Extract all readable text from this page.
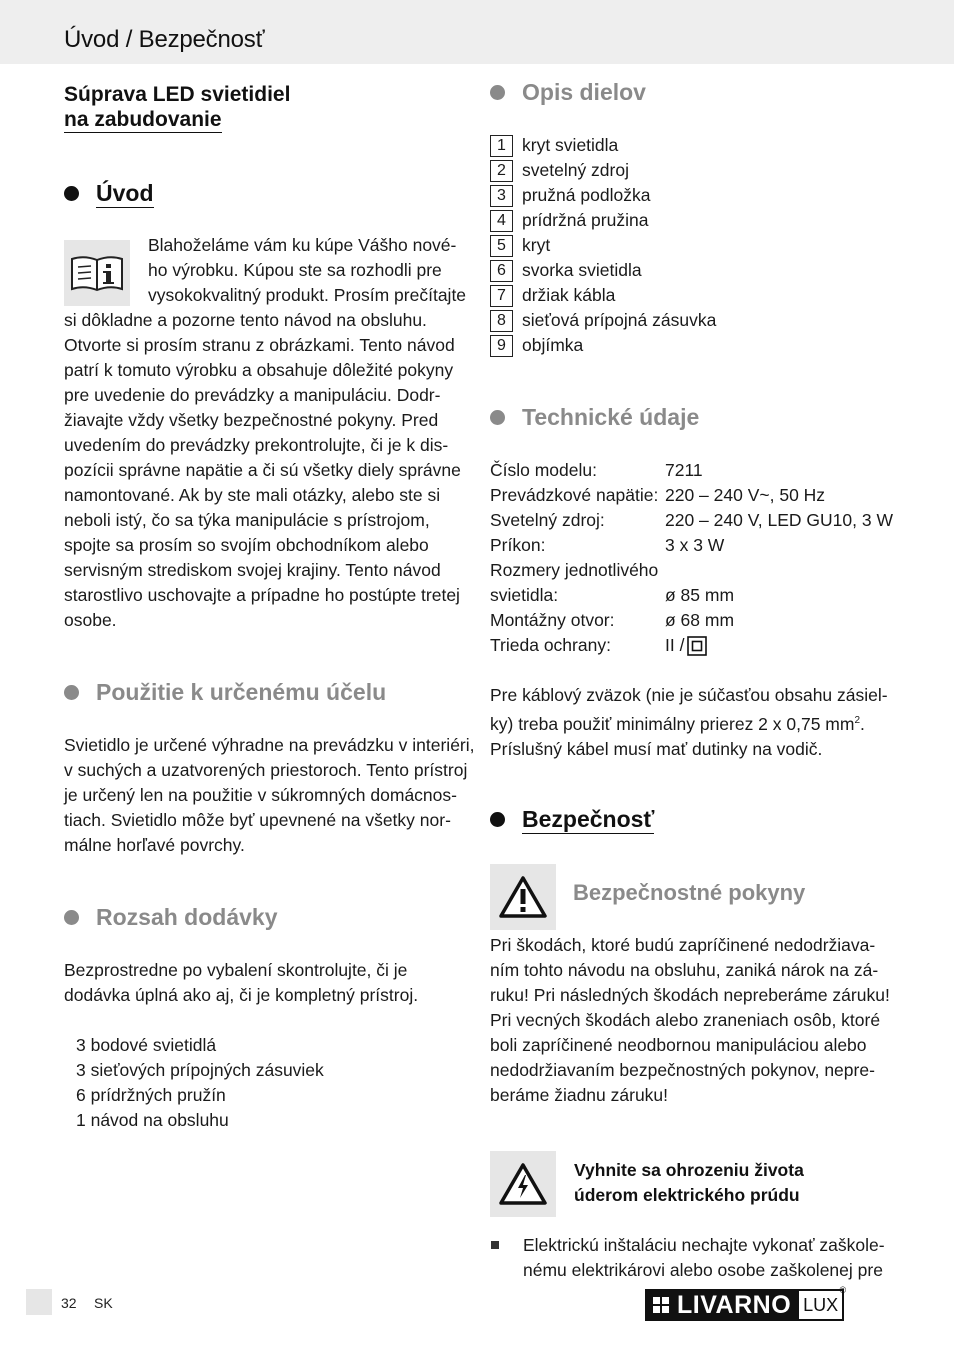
Úvod / Bezpečnosť
Súprava LED svietidiel
na zabudovanie
Úvod
Blahoželáme vám ku kúpe Vášho nové-
ho výrobku. Kúpou ste sa rozhodli pre
vysokokvalitný produkt. Prosím prečítajte
si dôkladne a pozorne tento návod na obsluhu.
Otvorte si prosím stranu z obrázkami. Tento návod
patrí k tomuto výrobku a obsahuje dôležité pokyny
pre uvedenie do prevádzky a manipuláciu. Dodr-
žiavajte vždy všetky bezpečnostné pokyny. Pred
uvedením do prevádzky prekontrolujte, či je k dis-
pozícii správne napätie a či sú všetky diely správne
namontované. Ak by ste mali otázky, alebo ste si
neboli istý, čo sa týka manipulácie s prístrojom,
spojte sa prosím so svojím obchodníkom alebo
servisným strediskom svojej krajiny. Tento návod
starostlivo uschovajte a prípadne ho postúpte tretej
osobe.
Použitie k určenému účelu
Svietidlo je určené výhradne na prevádzku v interiéri,
v suchých a uzatvorených priestoroch. Tento prístroj
je určený len na použitie v súkromných domácnos-
tiach. Svietidlo môže byť upevnené na všetky nor-
málne horľavé povrchy.
Rozsah dodávky
Bezprostredne po vybalení skontrolujte, či je
dodávka úplná ako aj, či je kompletný prístroj.
3 bodové svietidlá
3 sieťových prípojných zásuviek
6 prídržných pružín
1 návod na obsluhu
Opis dielov
1 kryt svietidla
2 svetelný zdroj
3 pružná podložka
4 prídržná pružina
5 kryt
6 svorka svietidla
7 držiak kábla
8 sieťová prípojná zásuvka
9 objímka
Technické údaje
Číslo modelu:	7211
Prevádzkové napätie: 220 – 240 V~, 50 Hz
Svetelný zdroj:	220 – 240 V, LED GU10, 3 W
Príkon:	3 x 3 W
Rozmery jednotlivého
svietidla:	ø 85 mm
Montážny otvor:	ø 68 mm
Trieda ochrany:	II /
Pre káblový zväzok (nie je súčasťou obsahu zásiel-
ky) treba použiť minimálny prierez 2 x 0,75 $mm^2$.
Príslušný kábel musí mať dutinky na vodič.
Bezpečnosť
Bezpečnostné pokyny
Pri škodách, ktoré budú zapríčinené nedodržiava-
ním tohto návodu na obsluhu, zaniká nárok na zá-
ruku! Pri následných škodách nepreberáme záruku!
Pri vecných škodách alebo zraneniach osôb, ktoré
boli zapríčinené neodbornou manipuláciou alebo
nedodržiavaním bezpečnostných pokynov, nepre-
beráme žiadnu záruku!
Vyhnite sa ohrozeniu života
úderom elektrického prúdu
Elektrickú inštaláciu nechajte vykonať zaškole-
nému elektrikárovi alebo osobe zaškolenej pre
32 SK	LIVARNO LUX
®
